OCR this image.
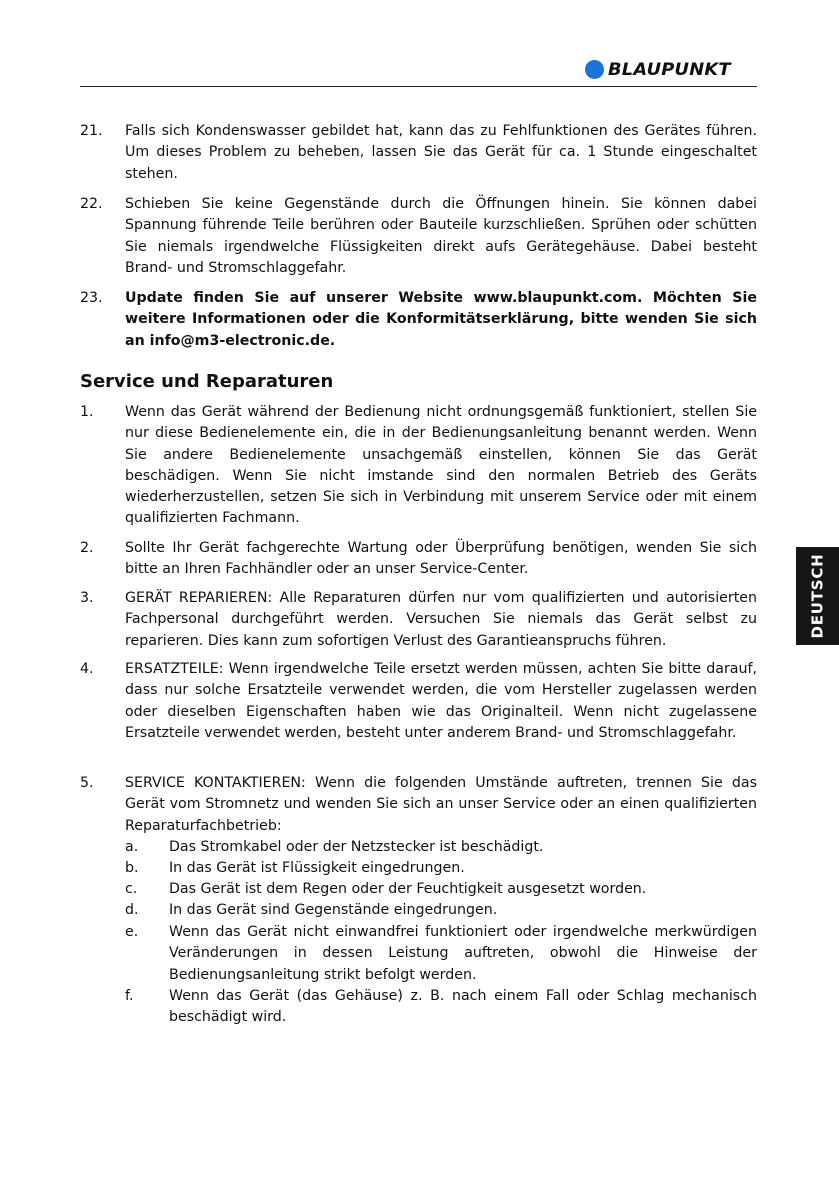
BLAUPUNKT
DEUTSCH
21. Falls sich Kondenswasser gebildet hat, kann das zu Fehlfunktionen des Gerätes führen. Um dieses Problem zu beheben, lassen Sie das Gerät für ca. 1 Stunde eingeschaltet stehen.
22. Schieben Sie keine Gegenstände durch die Öffnungen hinein. Sie können dabei Spannung führende Teile berühren oder Bauteile kurzschließen. Sprühen oder schütten Sie niemals irgendwelche Flüssigkeiten direkt aufs Gerätegehäuse. Dabei besteht Brand- und Stromschlaggefahr.
23. Update finden Sie auf unserer Website www.blaupunkt.com. Möchten Sie weitere Informationen oder die Konformitätserklärung, bitte wenden Sie sich an info@m3-electronic.de.
Service und Reparaturen
1. Wenn das Gerät während der Bedienung nicht ordnungsgemäß funktioniert, stellen Sie nur diese Bedienelemente ein, die in der Bedienungsanleitung benannt werden. Wenn Sie andere Bedienelemente unsachgemäß einstellen, können Sie das Gerät beschädigen. Wenn Sie nicht imstande sind den normalen Betrieb des Geräts wiederherzustellen, setzen Sie sich in Verbindung mit unserem Service oder mit einem qualifizierten Fachmann.
2. Sollte Ihr Gerät fachgerechte Wartung oder Überprüfung benötigen, wenden Sie sich bitte an Ihren Fachhändler oder an unser Service-Center.
3. GERÄT REPARIEREN: Alle Reparaturen dürfen nur vom qualifizierten und autorisierten Fachpersonal durchgeführt werden. Versuchen Sie niemals das Gerät selbst zu reparieren. Dies kann zum sofortigen Verlust des Garantieanspruchs führen.
4. ERSATZTEILE: Wenn irgendwelche Teile ersetzt werden müssen, achten Sie bitte darauf, dass nur solche Ersatzteile verwendet werden, die vom Hersteller zugelassen werden oder dieselben Eigenschaften haben wie das Originalteil. Wenn nicht zugelassene Ersatzteile verwendet werden, besteht unter anderem Brand- und Stromschlaggefahr.
5. SERVICE KONTAKTIEREN: Wenn die folgenden Umstände auftreten, trennen Sie das Gerät vom Stromnetz und wenden Sie sich an unser Service oder an einen qualifizierten Reparaturfachbetrieb:
a. Das Stromkabel oder der Netzstecker ist beschädigt.
b. In das Gerät ist Flüssigkeit eingedrungen.
c. Das Gerät ist dem Regen oder der Feuchtigkeit ausgesetzt worden.
d. In das Gerät sind Gegenstände eingedrungen.
e. Wenn das Gerät nicht einwandfrei funktioniert oder irgendwelche merkwürdigen Veränderungen in dessen Leistung auftreten, obwohl die Hinweise der Bedienungsanleitung strikt befolgt werden.
f.	Wenn das Gerät (das Gehäuse) z. B. nach einem Fall oder Schlag mechanisch beschädigt wird.
